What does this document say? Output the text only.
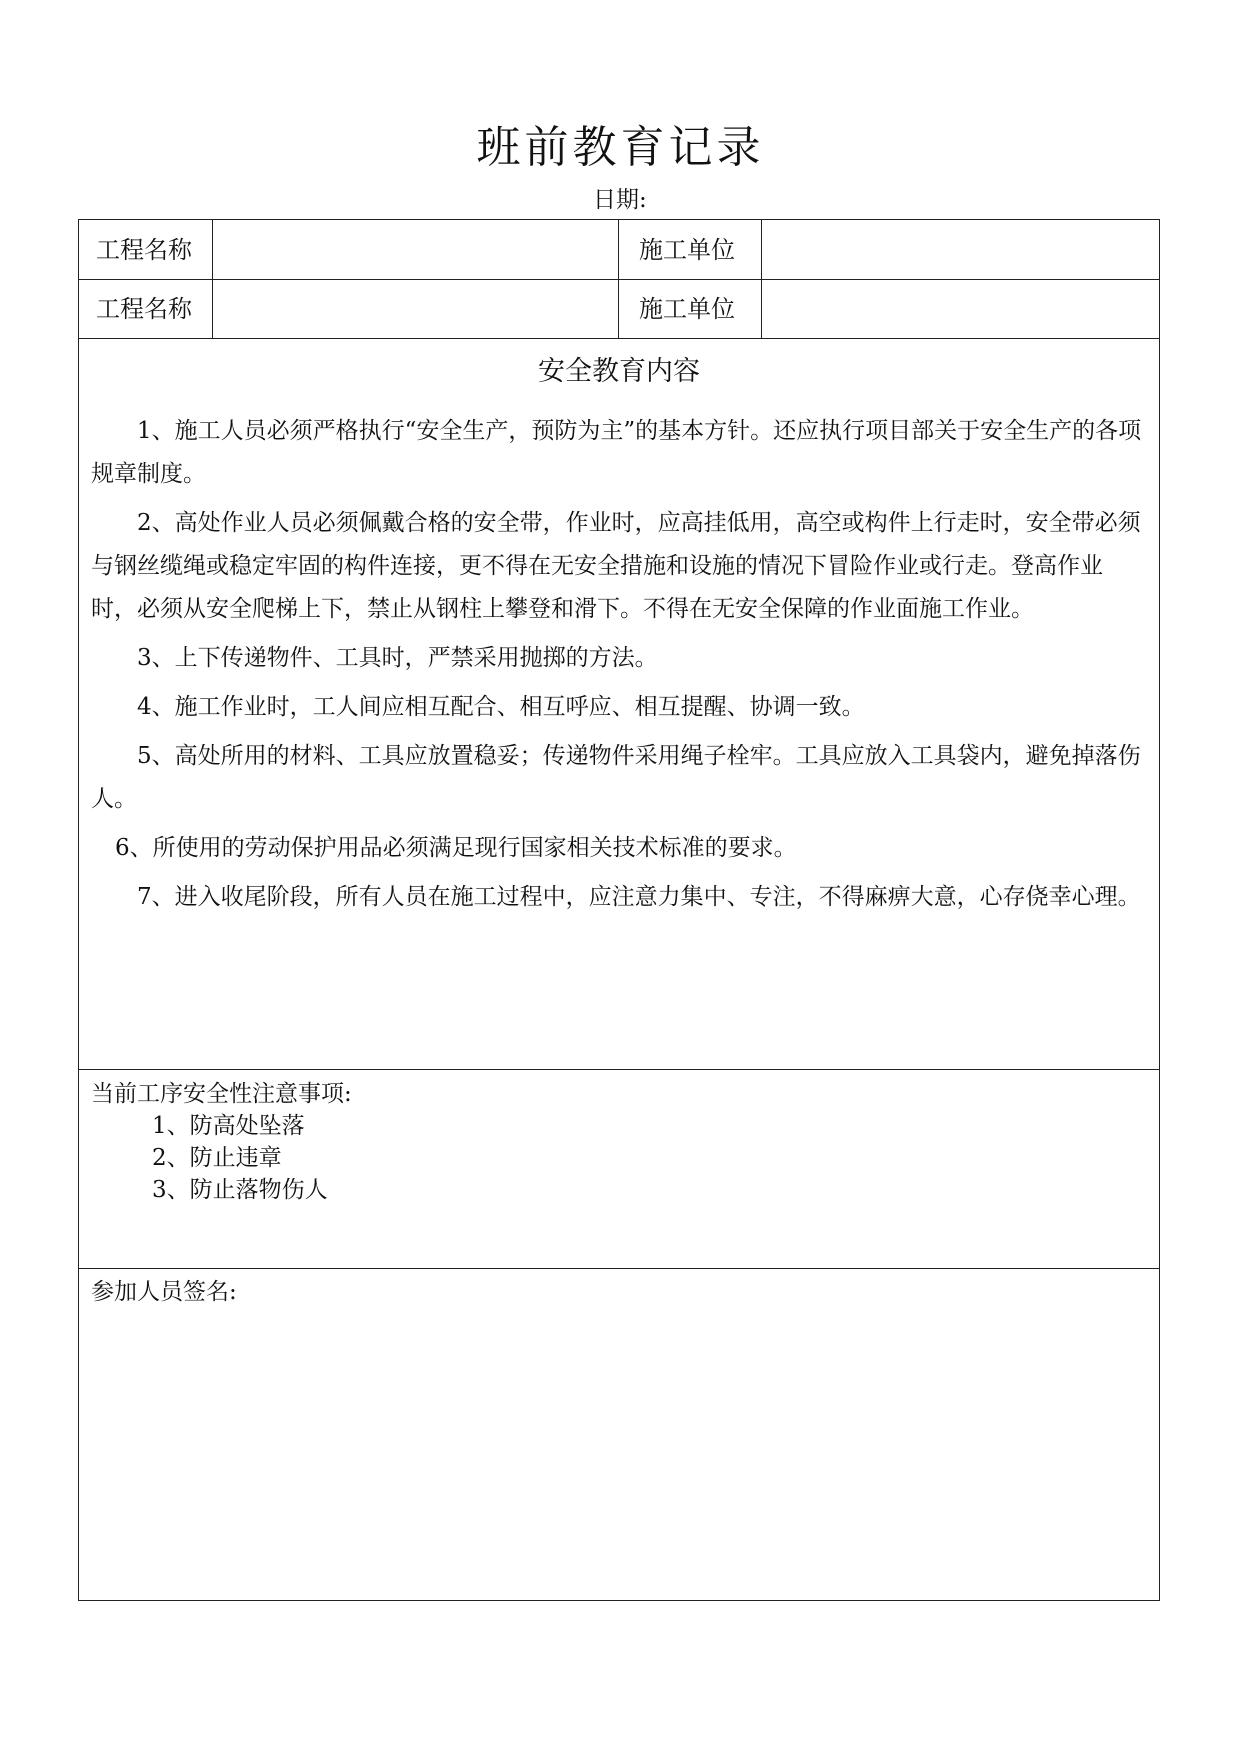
班前教育记录
日期:
工程名称	施工单位
工程名称	施工单位
安全教育内容

1、施工人员必须严格执行“安全生产，预防为主”的基本方针。还应执行项目部关于安全生产的各项规章制度。

2、高处作业人员必须佩戴合格的安全带，作业时，应高挂低用，高空或构件上行走时，安全带必须与钢丝缆绳或稳定牢固的构件连接，更不得在无安全措施和设施的情况下冒险作业或行走。登高作业时，必须从安全爬梯上下，禁止从钢柱上攀登和滑下。不得在无安全保障的作业面施工作业。

3、上下传递物件、工具时，严禁采用抛掷的方法。

4、施工作业时，工人间应相互配合、相互呼应、相互提醒、协调一致。

5、高处所用的材料、工具应放置稳妥；传递物件采用绳子栓牢。工具应放入工具袋内，避免掉落伤人。

6、所使用的劳动保护用品必须满足现行国家相关技术标准的要求。

7、进入收尾阶段，所有人员在施工过程中，应注意力集中、专注，不得麻痹大意，心存侥幸心理。

当前工序安全性注意事项:
1、防高处坠落
2、防止违章
3、防止落物伤人
参加人员签名:
